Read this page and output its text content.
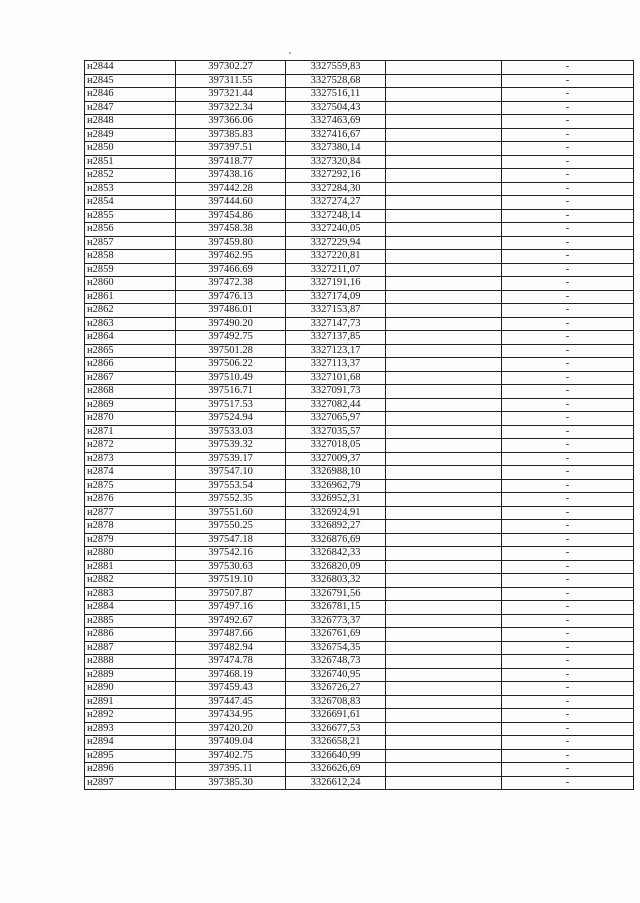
н2844	397302.27	3327559,83		-
н2845	397311.55	3327528,68		-
н2846	397321.44	3327516,11		-
н2847	397322.34	3327504,43		-
н2848	397366.06	3327463,69		-
н2849	397385.83	3327416,67		-
н2850	397397.51	3327380,14		-
н2851	397418.77	3327320,84		-
н2852	397438.16	3327292,16		-
н2853	397442.28	3327284,30		-
н2854	397444.60	3327274,27		-
н2855	397454.86	3327248,14		-
н2856	397458.38	3327240,05		-
н2857	397459.80	3327229,94		-
н2858	397462.95	3327220,81		-
н2859	397466.69	3327211,07		-
н2860	397472.38	3327191,16		-
н2861	397476.13	3327174,09		-
н2862	397486.01	3327153,87		-
н2863	397490.20	3327147,73		-
н2864	397492.75	3327137,85		-
н2865	397501.28	3327123,17		-
н2866	397506.22	3327113,37		-
н2867	397510.49	3327101,68		-
н2868	397516.71	3327091,73		-
н2869	397517.53	3327082,44		-
н2870	397524.94	3327065,97		-
н2871	397533.03	3327035,57		-
н2872	397539.32	3327018,05		-
н2873	397539.17	3327009,37		-
н2874	397547.10	3326988,10		-
н2875	397553.54	3326962,79		-
н2876	397552.35	3326952,31		-
н2877	397551.60	3326924,91		-
н2878	397550.25	3326892,27		-
н2879	397547.18	3326876,69		-
н2880	397542.16	3326842,33		-
н2881	397530.63	3326820,09		-
н2882	397519.10	3326803,32		-
н2883	397507.87	3326791,56		-
н2884	397497.16	3326781,15		-
н2885	397492.67	3326773,37		-
н2886	397487.66	3326761,69		-
н2887	397482.94	3326754,35		-
н2888	397474.78	3326748,73		-
н2889	397468.19	3326740,95		-
н2890	397459.43	3326726,27		-
н2891	397447.45	3326708,83		-
н2892	397434.95	3326691,61		-
н2893	397420.20	3326677,53		-
н2894	397409.04	3326658,21		-
н2895	397402.75	3326640,99		-
н2896	397395.11	3326626,69		-
н2897	397385.30	3326612,24		-
